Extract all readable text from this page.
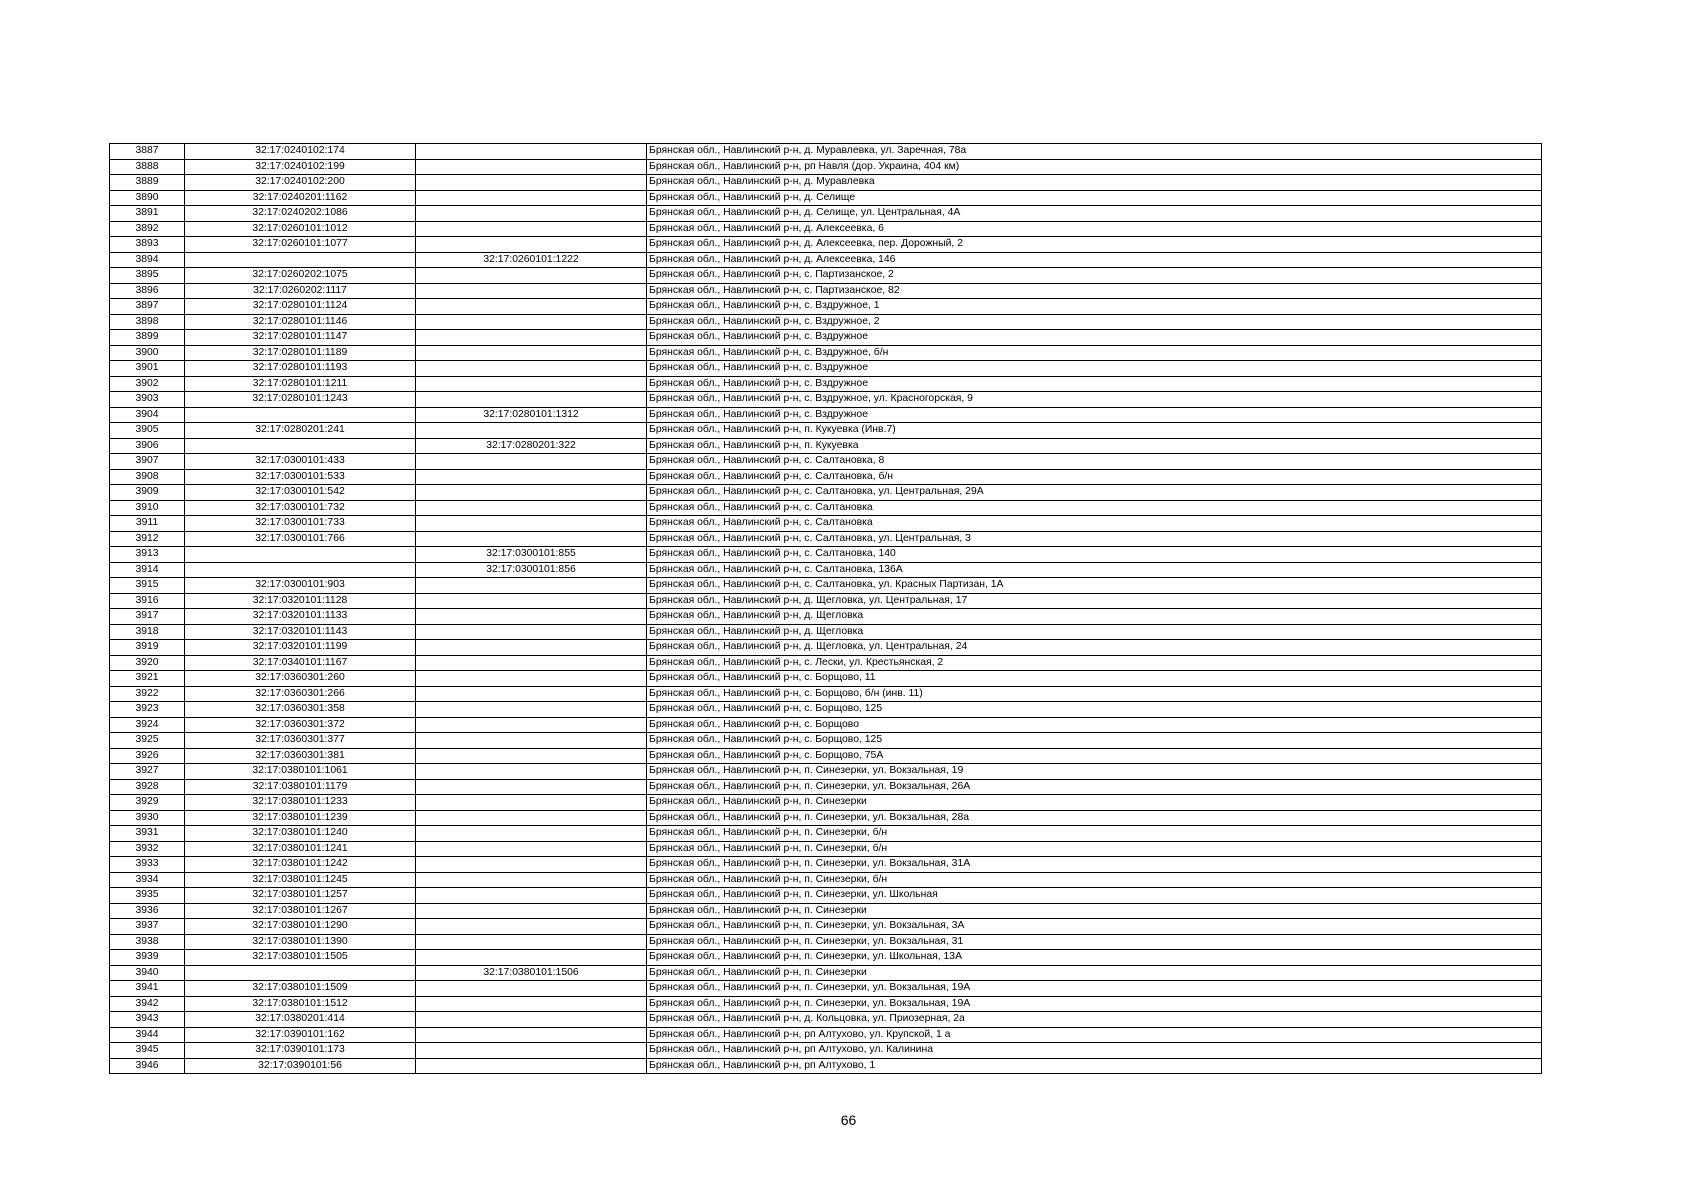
3887	32:17:0240102:174		Брянская обл., Навлинский р-н, д. Муравлевка, ул. Заречная, 78а
3888	32:17:0240102:199		Брянская обл., Навлинский р-н, рп Навля (дор. Украина, 404 км)
3889	32:17:0240102:200		Брянская обл., Навлинский р-н, д. Муравлевка
3890	32:17:0240201:1162		Брянская обл., Навлинский р-н, д. Селище
3891	32:17:0240202:1086		Брянская обл., Навлинский р-н, д. Селище, ул. Центральная, 4А
3892	32:17:0260101:1012		Брянская обл., Навлинский р-н, д. Алексеевка, 6
3893	32:17:0260101:1077		Брянская обл., Навлинский р-н, д. Алексеевка, пер. Дорожный, 2
3894		32:17:0260101:1222	Брянская обл., Навлинский р-н, д. Алексеевка, 146
3895	32:17:0260202:1075		Брянская обл., Навлинский р-н, с. Партизанское, 2
3896	32:17:0260202:1117		Брянская обл., Навлинский р-н, с. Партизанское, 82
3897	32:17:0280101:1124		Брянская обл., Навлинский р-н, с. Вздружное, 1
3898	32:17:0280101:1146		Брянская обл., Навлинский р-н, с. Вздружное, 2
3899	32:17:0280101:1147		Брянская обл., Навлинский р-н, с. Вздружное
3900	32:17:0280101:1189		Брянская обл., Навлинский р-н, с. Вздружное, б/н
3901	32:17:0280101:1193		Брянская обл., Навлинский р-н, с. Вздружное
3902	32:17:0280101:1211		Брянская обл., Навлинский р-н, с. Вздружное
3903	32:17:0280101:1243		Брянская обл., Навлинский р-н, с. Вздружное, ул. Красногорская, 9
3904		32:17:0280101:1312	Брянская обл., Навлинский р-н, с. Вздружное
3905	32:17:0280201:241		Брянская обл., Навлинский р-н, п. Кукуевка (Инв.7)
3906		32:17:0280201:322	Брянская обл., Навлинский р-н, п. Кукуевка
3907	32:17:0300101:433		Брянская обл., Навлинский р-н, с. Салтановка, 8
3908	32:17:0300101:533		Брянская обл., Навлинский р-н, с. Салтановка, б/н
3909	32:17:0300101:542		Брянская обл., Навлинский р-н, с. Салтановка, ул. Центральная, 29А
3910	32:17:0300101:732		Брянская обл., Навлинский р-н, с. Салтановка
3911	32:17:0300101:733		Брянская обл., Навлинский р-н, с. Салтановка
3912	32:17:0300101:766		Брянская обл., Навлинский р-н, с. Салтановка, ул. Центральная, 3
3913		32:17:0300101:855	Брянская обл., Навлинский р-н, с. Салтановка, 140
3914		32:17:0300101:856	Брянская обл., Навлинский р-н, с. Салтановка, 136А
3915	32:17:0300101:903		Брянская обл., Навлинский р-н, с. Салтановка, ул. Красных Партизан, 1А
3916	32:17:0320101:1128		Брянская обл., Навлинский р-н, д. Щегловка, ул. Центральная, 17
3917	32:17:0320101:1133		Брянская обл., Навлинский р-н, д. Щегловка
3918	32:17:0320101:1143		Брянская обл., Навлинский р-н, д. Щегловка
3919	32:17:0320101:1199		Брянская обл., Навлинский р-н, д. Щегловка, ул. Центральная, 24
3920	32:17:0340101:1167		Брянская обл., Навлинский р-н, с. Лески, ул. Крестьянская, 2
3921	32:17:0360301:260		Брянская обл., Навлинский р-н, с. Борщово, 11
3922	32:17:0360301:266		Брянская обл., Навлинский р-н, с. Борщово, б/н (инв. 11)
3923	32:17:0360301:358		Брянская обл., Навлинский р-н, с. Борщово, 125
3924	32:17:0360301:372		Брянская обл., Навлинский р-н, с. Борщово
3925	32:17:0360301:377		Брянская обл., Навлинский р-н, с. Борщово, 125
3926	32:17:0360301:381		Брянская обл., Навлинский р-н, с. Борщово, 75А
3927	32:17:0380101:1061		Брянская обл., Навлинский р-н, п. Синезерки, ул. Вокзальная, 19
3928	32:17:0380101:1179		Брянская обл., Навлинский р-н, п. Синезерки, ул. Вокзальная, 26А
3929	32:17:0380101:1233		Брянская обл., Навлинский р-н, п. Синезерки
3930	32:17:0380101:1239		Брянская обл., Навлинский р-н, п. Синезерки, ул. Вокзальная, 28а
3931	32:17:0380101:1240		Брянская обл., Навлинский р-н, п. Синезерки, б/н
3932	32:17:0380101:1241		Брянская обл., Навлинский р-н, п. Синезерки, б/н
3933	32:17:0380101:1242		Брянская обл., Навлинский р-н, п. Синезерки, ул. Вокзальная, 31А
3934	32:17:0380101:1245		Брянская обл., Навлинский р-н, п. Синезерки, б/н
3935	32:17:0380101:1257		Брянская обл., Навлинский р-н, п. Синезерки, ул. Школьная
3936	32:17:0380101:1267		Брянская обл., Навлинский р-н, п. Синезерки
3937	32:17:0380101:1290		Брянская обл., Навлинский р-н, п. Синезерки, ул. Вокзальная, 3А
3938	32:17:0380101:1390		Брянская обл., Навлинский р-н, п. Синезерки, ул. Вокзальная, 31
3939	32:17:0380101:1505		Брянская обл., Навлинский р-н, п. Синезерки, ул. Школьная, 13А
3940		32:17:0380101:1506	Брянская обл., Навлинский р-н, п. Синезерки
3941	32:17:0380101:1509		Брянская обл., Навлинский р-н, п. Синезерки, ул. Вокзальная, 19А
3942	32:17:0380101:1512		Брянская обл., Навлинский р-н, п. Синезерки, ул. Вокзальная, 19А
3943	32:17:0380201:414		Брянская обл., Навлинский р-н, д. Кольцовка, ул. Приозерная, 2а
3944	32:17:0390101:162		Брянская обл., Навлинский р-н, рп Алтухово, ул. Крупской, 1 а
3945	32:17:0390101:173		Брянская обл., Навлинский р-н, рп Алтухово, ул. Калинина
3946	32:17:0390101:56		Брянская обл., Навлинский р-н, рп Алтухово, 1
66
